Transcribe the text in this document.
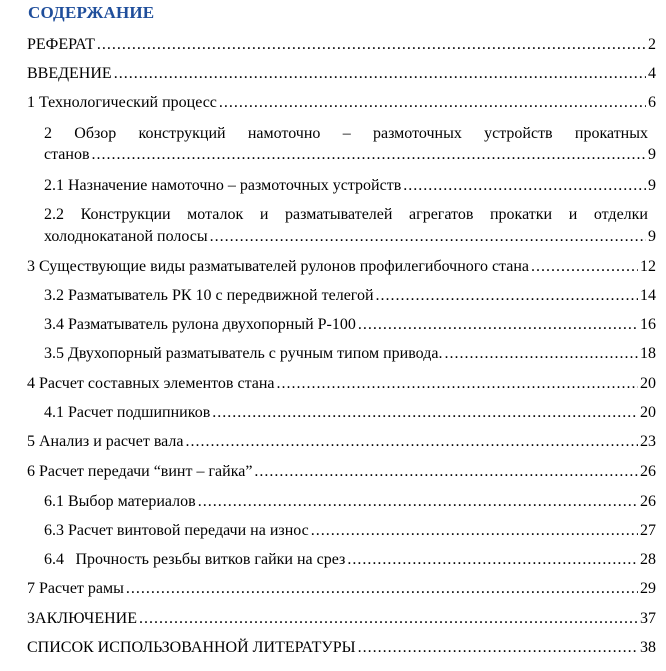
СОДЕРЖАНИЕ
РЕФЕРАТ .....	2
ВВЕДЕНИЕ .....	4
1 Технологический процесс .....	6
2 Обзор конструкций намоточно – размоточных устройств прокатных
станов .....	9
2.1 Назначение намоточно – размоточных устройств .....	9
2.2 Конструкции моталок и разматывателей агрегатов прокатки и отделки
холоднокатаной полосы .....	9
3 Существующие виды разматывателей рулонов профилегибочного стана .....	12
3.2 Разматыватель РК 10 с передвижной телегой .....	14
3.4 Разматыватель рулона двухопорный Р-100 .....	16
3.5 Двухопорный разматыватель с ручным типом привода. .....	18
4 Расчет составных элементов стана .....	20
4.1 Расчет подшипников .....	20
5 Анализ и расчет вала .....	23
6 Расчет передачи “винт – гайка” .....	26
6.1 Выбор материалов .....	26
6.3 Расчет винтовой передачи на износ .....	27
6.4 Прочность резьбы витков гайки на срез .....	28
7 Расчет рамы .....	29
ЗАКЛЮЧЕНИЕ .....	37
СПИСОК ИСПОЛЬЗОВАННОЙ ЛИТЕРАТУРЫ .....	38
